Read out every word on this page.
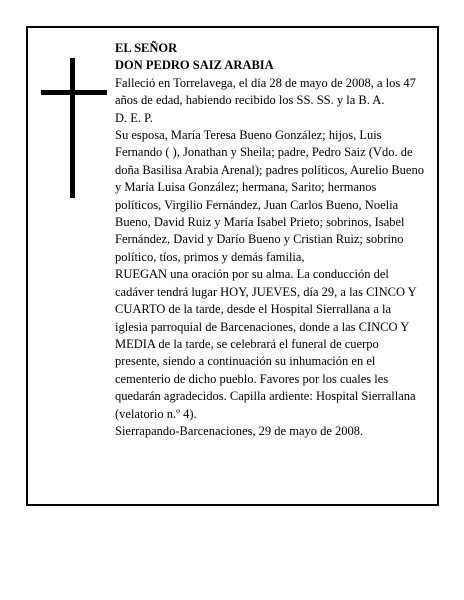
EL SEÑOR

DON PEDRO SAIZ ARABIA

Falleció en Torrelavega, el día 28 de mayo de 2008, a los 47 años de edad, habiendo recibido los SS. SS. y la B. A.

D. E. P.

Su esposa, María Teresa Bueno González; hijos, Luis Fernando ( ), Jonathan y Sheila; padre, Pedro Saiz (Vdo. de doña Basilisa Arabia Arenal); padres políticos, Aurelio Bueno y María Luisa González; hermana, Sarito; hermanos políticos, Virgilio Fernández, Juan Carlos Bueno, Noelia Bueno, David Ruiz y María Isabel Prieto; sobrinos, Isabel Fernández, David y Darío Bueno y Cristian Ruiz; sobrino político, tíos, primos y demás familia,

RUEGAN una oración por su alma. La conducción del cadáver tendrá lugar HOY, JUEVES, día 29, a las CINCO Y CUARTO de la tarde, desde el Hospital Sierrallana a la iglesia parroquial de Barcenaciones, donde a las CINCO Y MEDIA de la tarde, se celebrará el funeral de cuerpo presente, siendo a continuación su inhumación en el cementerio de dicho pueblo. Favores por los cuales les quedarán agradecidos. Capilla ardiente: Hospital Sierrallana (velatorio n.º 4).

Sierrapando-Barcenaciones, 29 de mayo de 2008.
